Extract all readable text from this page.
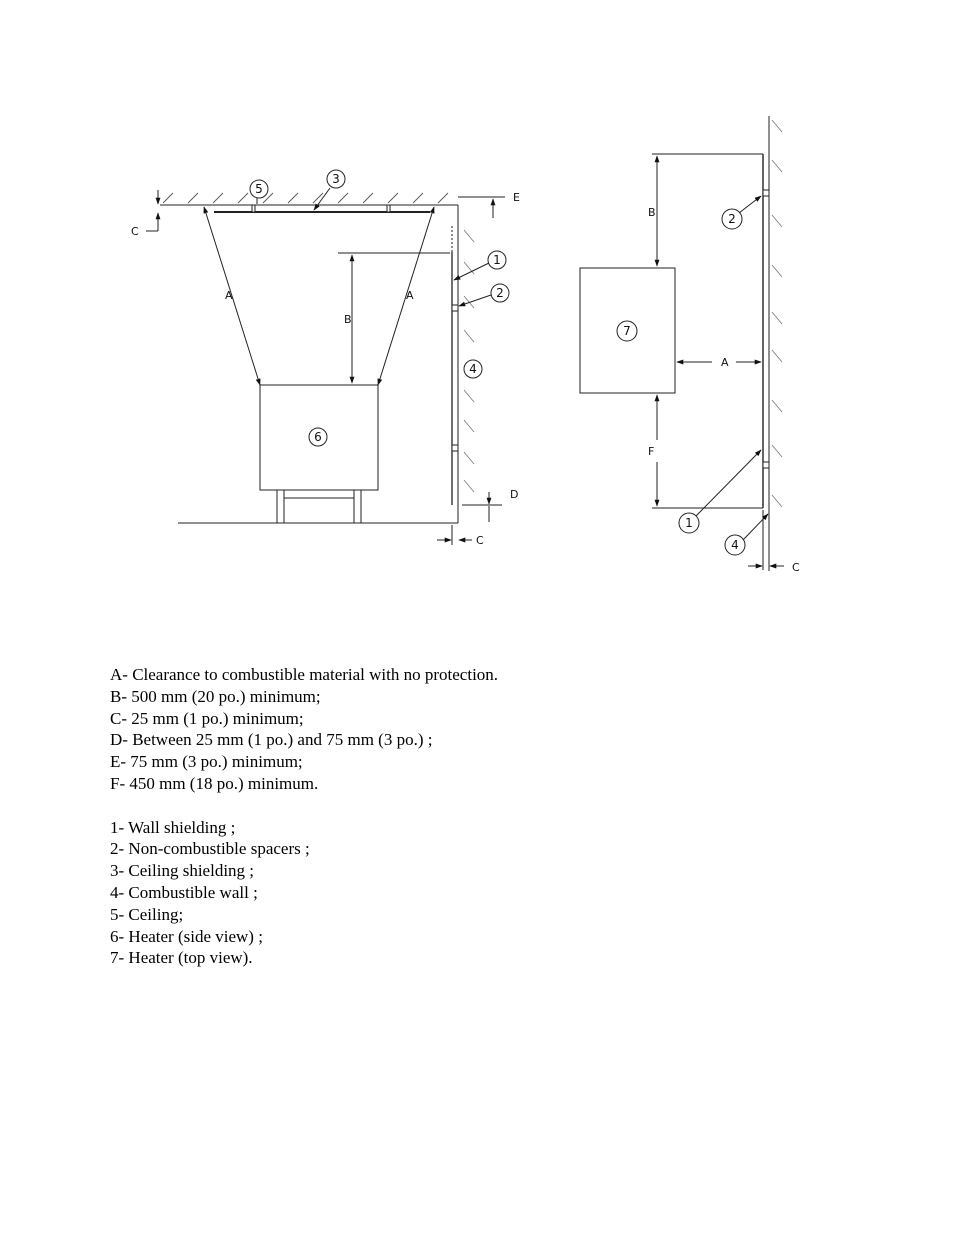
A	A
B
C
E
D
C
1
2
3
4
5
6
B
A
F
C
2
7
1
4
A- Clearance to combustible material with no protection.
B- 500 mm (20 po.) minimum;
C- 25 mm (1 po.) minimum;
D- Between 25 mm (1 po.) and 75 mm (3 po.) ;
E- 75 mm (3 po.) minimum;
F- 450 mm (18 po.) minimum.
1- Wall shielding ;
2- Non-combustible spacers ;
3- Ceiling shielding ;
4- Combustible wall ;
5- Ceiling;
6- Heater (side view) ;
7- Heater (top view).
